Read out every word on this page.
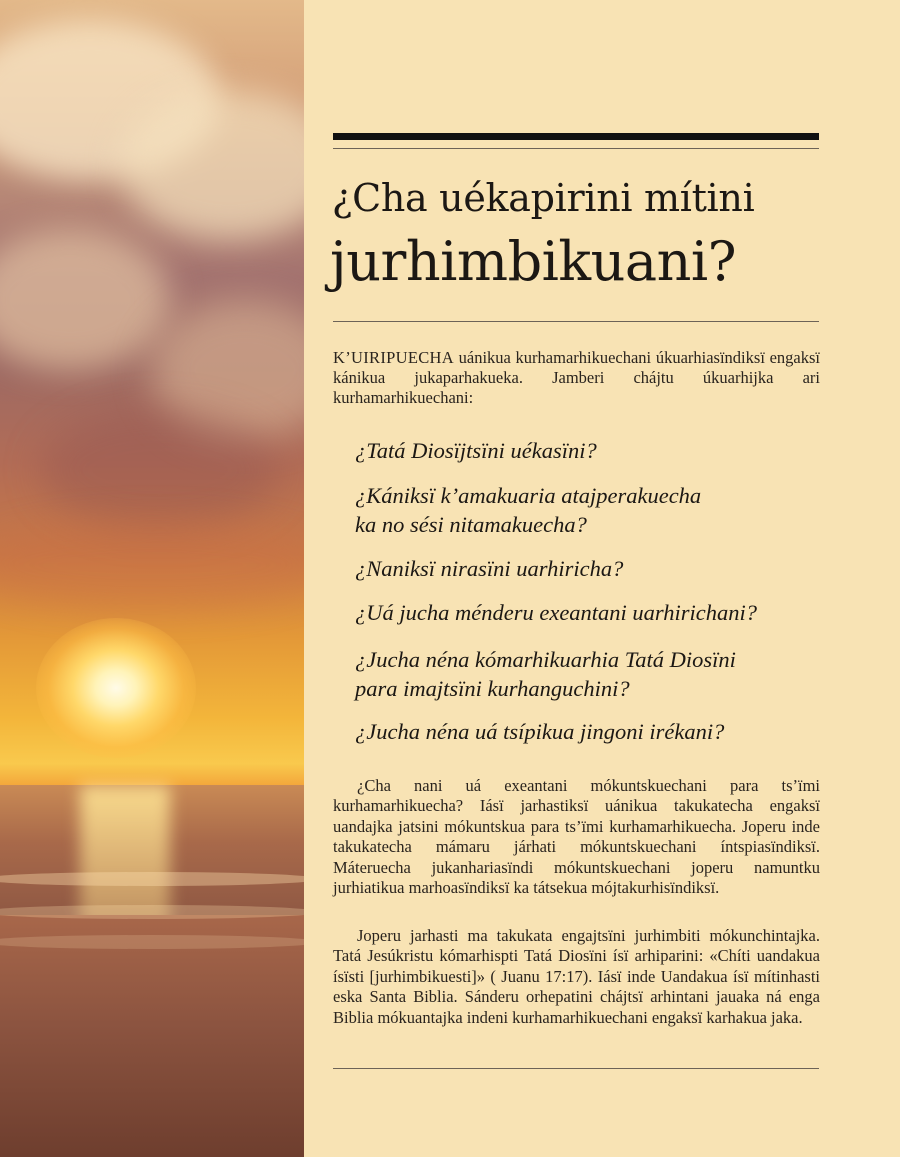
¿Cha uékapirini mítini
jurhimbikuani?

K’UIRIPUECHA uánikua kurhamarhikuechani úkuarhiasïndiksï engaksï kánikua jukaparhakueka. Jamberi chájtu úkuarhijka ari kurhamarhikuechani:

¿Tatá Diosïjtsïni uékasïni?

¿Kániksï k’amakuaria atajperakuecha
ka no sési nitamakuecha?

¿Naniksï nirasïni uarhiricha?

¿Uá jucha ménderu exeantani uarhirichani?

¿Jucha néna kómarhikuarhia Tatá Diosïni
para imajtsïni kurhanguchini?

¿Jucha néna uá tsípikua jingoni irékani?

¿Cha nani uá exeantani mókuntskuechani para ts’ïmi kurhamarhikuecha? Iásï jarhastiksï uánikua takukatecha engaksï uandajka jatsini mókuntskua para ts’ïmi kurhamarhikuecha. Joperu inde takukatecha mámaru járhati mókuntskuechani íntspiasïndiksï. Máteruecha jukanhariasïndi mókuntskuechani joperu namuntku jurhiatikua marhoasïndiksï ka tátsekua mójtakurhisïndiksï.

Joperu jarhasti ma takukata engajtsïni jurhimbiti mókunchintajka. Tatá Jesúkristu kómarhispti Tatá Diosïni ísï arhiparini: «Chíti uandakua ísïsti [jurhimbikuesti]» ( Juanu 17:17). Iásï inde Uandakua ísï mítinhasti eska Santa Biblia. Sánderu orhepatini chájtsï arhintani jauaka ná enga Biblia mókuantajka indeni kurhamarhikuechani engaksï karhakua jaka.
